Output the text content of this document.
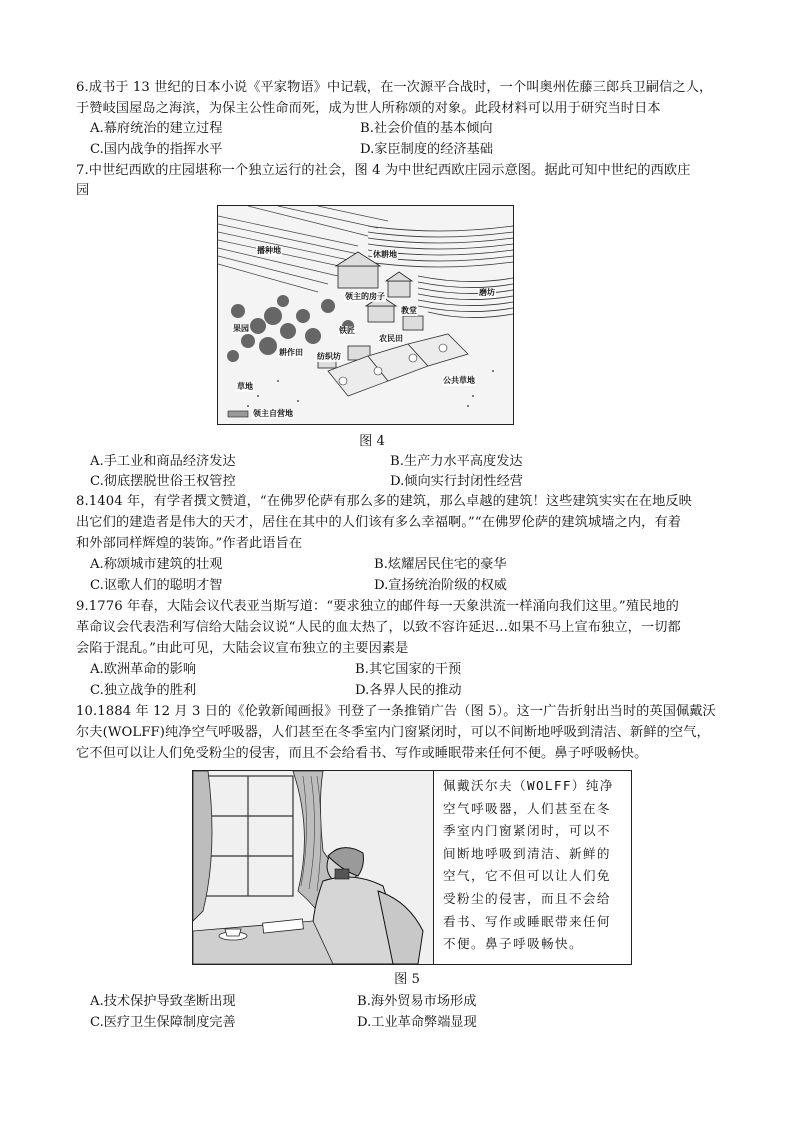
6.成书于 13 世纪的日本小说《平家物语》中记载，在一次源平合战时，一个叫奥州佐藤三郎兵卫嗣信之人，
于赞岐国屋岛之海滨，为保主公性命而死，成为世人所称颂的对象。此段材料可以用于研究当时日本
A.幕府统治的建立过程	B.社会价值的基本倾向
C.国内战争的指挥水平	D.家臣制度的经济基础
7.中世纪西欧的庄园堪称一个独立运行的社会，图 4 为中世纪西欧庄园示意图。据此可知中世纪的西欧庄
园
播种地	休耕地
领主的房子	磨坊
教堂
果园	铁匠
纺织坊
耕作田
农民田
草地
公共草地
领主自营地
图 4
A.手工业和商品经济发达	B.生产力水平高度发达
C.彻底摆脱世俗王权管控	D.倾向实行封闭性经营
8.1404 年，有学者撰文赞道，“在佛罗伦萨有那么多的建筑，那么卓越的建筑！这些建筑实实在在地反映
出它们的建造者是伟大的天才，居住在其中的人们该有多么幸福啊。”“在佛罗伦萨的建筑城墙之内，有着
和外部同样辉煌的装饰。”作者此语旨在
A.称颂城市建筑的壮观	B.炫耀居民住宅的豪华
C.讴歌人们的聪明才智	D.宣扬统治阶级的权威
9.1776 年春，大陆会议代表亚当斯写道：“要求独立的邮件每一天象洪流一样涌向我们这里。”殖民地的
革命议会代表浩利写信给大陆会议说“人民的血太热了，以致不容许延迟…如果不马上宣布独立，一切都
会陷于混乱。”由此可见，大陆会议宣布独立的主要因素是
A.欧洲革命的影响	B.其它国家的干预
C.独立战争的胜利	D.各界人民的推动
10.1884 年 12 月 3 日的《伦敦新闻画报》刊登了一条推销广告（图 5）。这一广告折射出当时的英国佩戴沃
尔夫(WOLFF)纯净空气呼吸器，人们甚至在冬季室内门窗紧闭时，可以不间断地呼吸到清洁、新鲜的空气，
它不但可以让人们免受粉尘的侵害，而且不会给看书、写作或睡眠带来任何不便。鼻子呼吸畅快。
佩戴沃尔夫（WOLFF）纯净空气呼吸器，人们甚至在冬季室内门窗紧闭时，可以不间断地呼吸到清洁、新鲜的空气，它不但可以让人们免受粉尘的侵害，而且不会给看书、写作或睡眠带来任何不便。鼻子呼吸畅快。
图 5
A.技术保护导致垄断出现	B.海外贸易市场形成
C.医疗卫生保障制度完善	D.工业革命弊端显现
